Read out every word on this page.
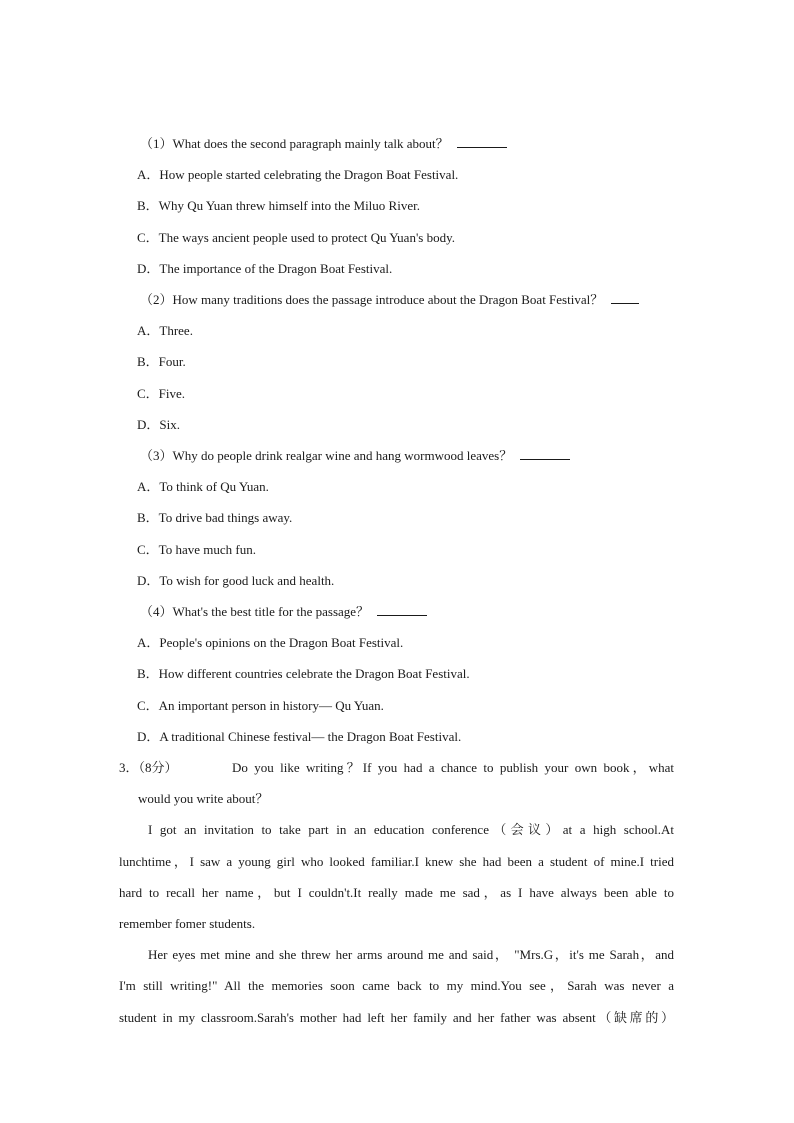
（1）What does the second paragraph mainly talk about？
A．How people started celebrating the Dragon Boat Festival.
B．Why Qu Yuan threw himself into the Miluo River.
C．The ways ancient people used to protect Qu Yuan's body.
D．The importance of the Dragon Boat Festival.
（2）How many traditions does the passage introduce about the Dragon Boat Festival？
A．Three.
B．Four.
C．Five.
D．Six.
（3）Why do people drink realgar wine and hang wormwood leaves？
A．To think of Qu Yuan.
B．To drive bad things away.
C．To have much fun.
D．To wish for good luck and health.
（4）What's the best title for the passage？
A．People's opinions on the Dragon Boat Festival.
B．How different countries celebrate the Dragon Boat Festival.
C．An important person in history— Qu Yuan.
D．A traditional Chinese festival— the Dragon Boat Festival.
3．（8分）	Do you like writing？If you had a chance to publish your own book，what
would you write about？
I got an invitation to take part in an education conference（会议）at a high school.At
lunchtime，I saw a young girl who looked familiar.I knew she had been a student of mine.I tried
hard to recall her name，but I couldn't.It really made me sad，as I have always been able to
remember fomer students.
Her eyes met mine and she threw her arms around me and said， "Mrs.G，it's me Sarah，and
I'm still writing!" All the memories soon came back to my mind.You see，Sarah was never a
student in my classroom.Sarah's mother had left her family and her father was absent（缺席的）
